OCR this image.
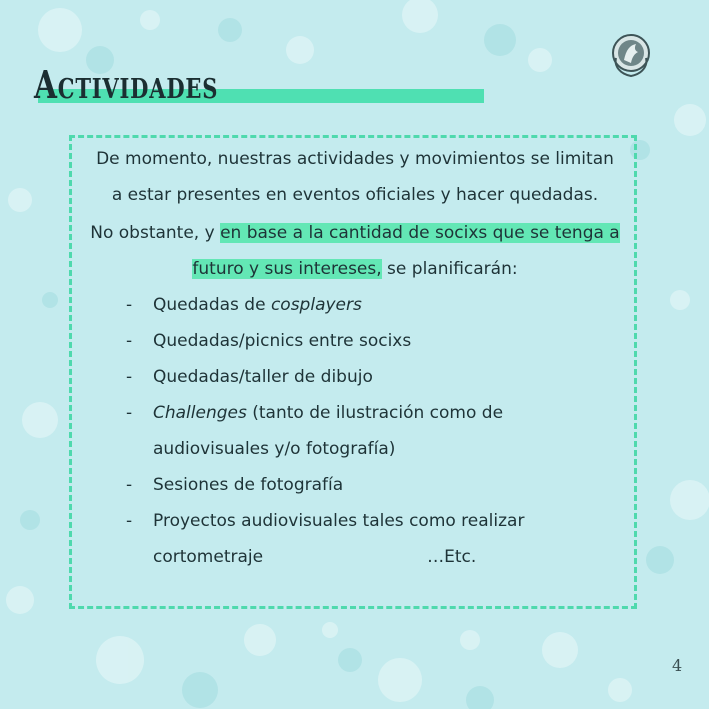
Actividades

De momento, nuestras actividades y movimientos se limitan a estar presentes en eventos oficiales y hacer quedadas.

No obstante, y en base a la cantidad de socixs que se tenga a futuro y sus intereses, se planificarán:

- Quedadas de cosplayers
- Quedadas/picnics entre socixs
- Quedadas/taller de dibujo
- Challenges (tanto de ilustración como de audiovisuales y/o fotografía)
- Sesiones de fotografía
- Proyectos audiovisuales tales como realizar cortometraje	…Etc.
4
